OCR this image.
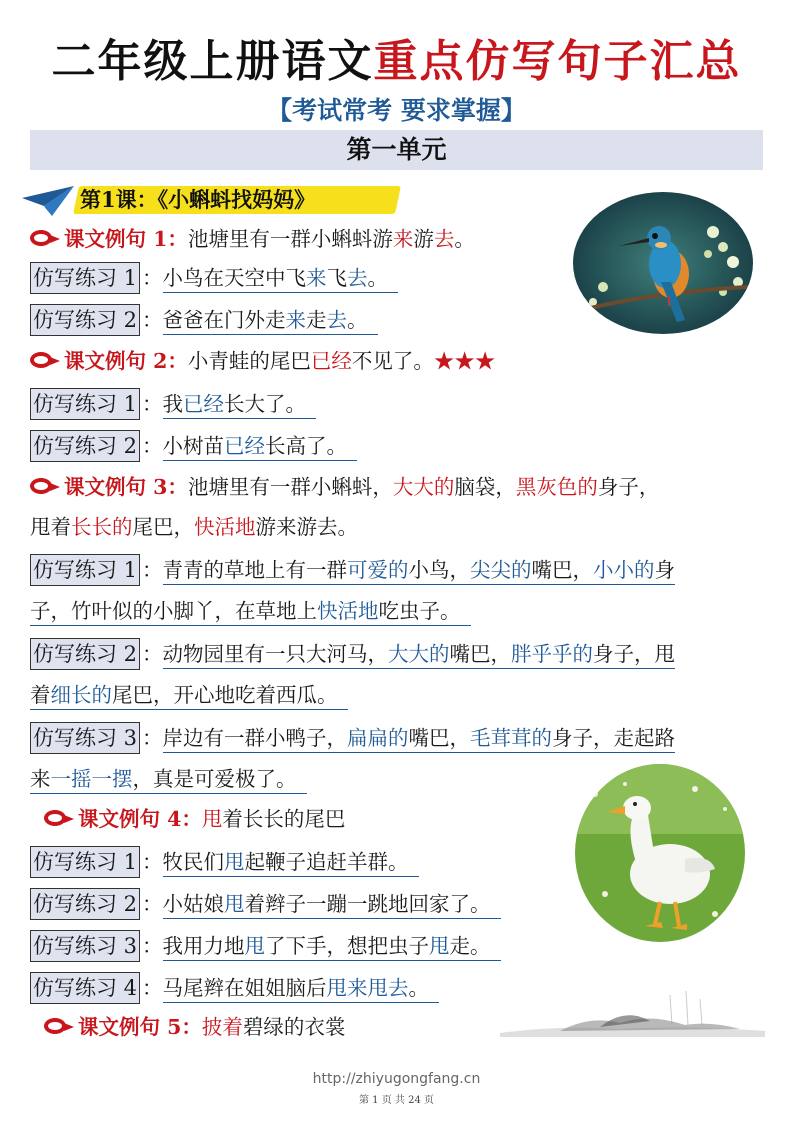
二年级上册语文重点仿写句子汇总
【考试常考 要求掌握】
第一单元
第1课：《小蝌蚪找妈妈》
课文例句 1：池塘里有一群小蝌蚪游来游去。
仿写练习 1 ：小鸟在天空中飞来飞去。　
仿写练习 2 ：爸爸在门外走来走去。　
课文例句 2：小青蛙的尾巴已经不见了。★★★
仿写练习 1 ：我已经长大了。　
仿写练习 2 ：小树苗已经长高了。　
课文例句 3：池塘里有一群小蝌蚪，大大的脑袋，黑灰色的身子，
甩着长长的尾巴，快活地游来游去。
仿写练习 1 ：青青的草地上有一群可爱的小鸟，尖尖的嘴巴，小小的身
子，竹叶似的小脚丫，在草地上快活地吃虫子。　
仿写练习 2 ：动物园里有一只大河马，大大的嘴巴，胖乎乎的身子，甩
着细长的尾巴，开心地吃着西瓜。　
仿写练习 3 ：岸边有一群小鸭子，扁扁的嘴巴，毛茸茸的身子，走起路
来一摇一摆，真是可爱极了。　
课文例句 4：甩着长长的尾巴
仿写练习 1 ：牧民们甩起鞭子追赶羊群。　
仿写练习 2 ：小姑娘甩着辫子一蹦一跳地回家了。　
仿写练习 3 ：我用力地甩了下手，想把虫子甩走。　
仿写练习 4 ：马尾辫在姐姐脑后甩来甩去。　
课文例句 5：披着碧绿的衣裳
http://zhiyugongfang.cn
第 1 页 共 24 页
